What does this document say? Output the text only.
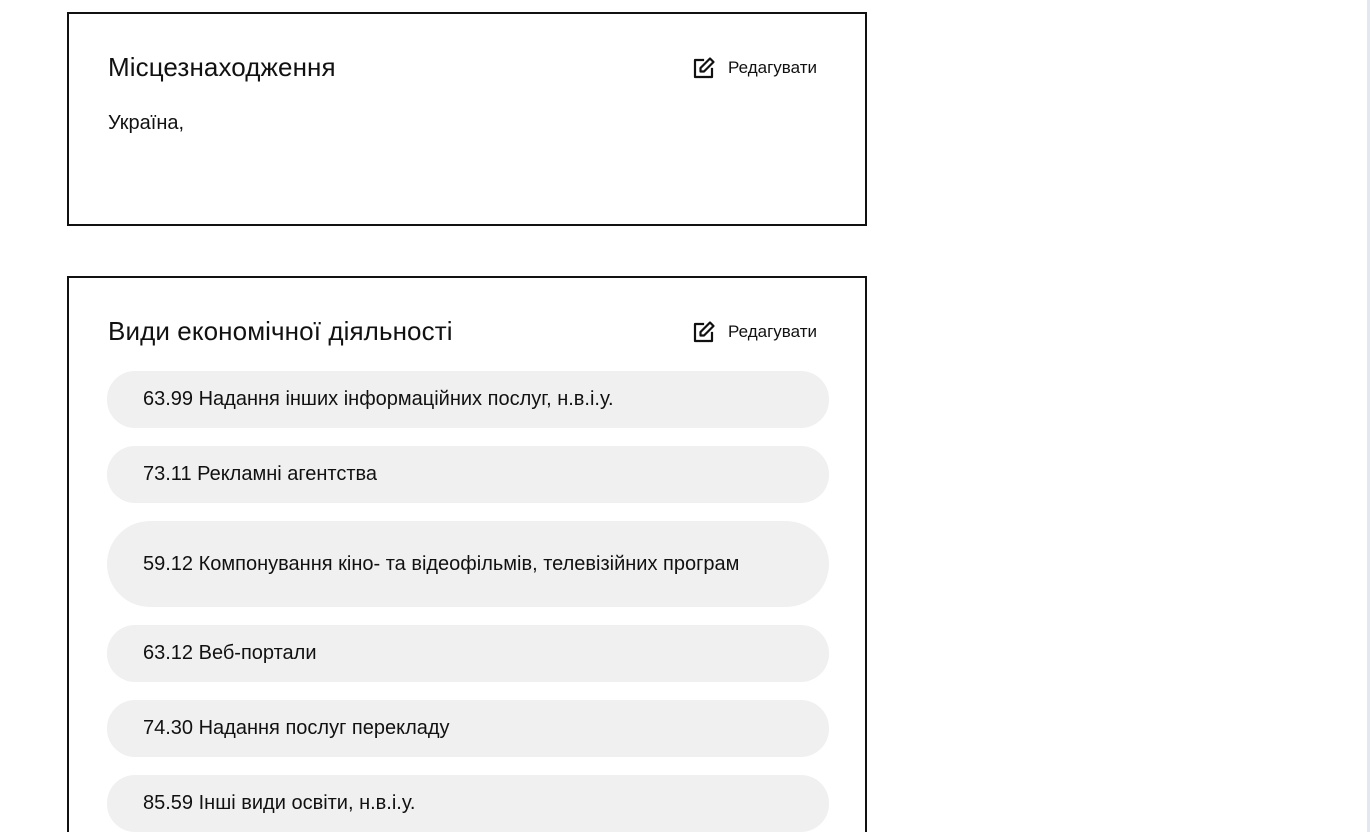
Місцезнаходження	Редагувати

Україна,

Види економічної діяльності	Редагувати
63.99 Надання інших інформаційних послуг, н.в.і.у.
73.11 Рекламні агентства
59.12 Компонування кіно- та відеофільмів, телевізійних програм
63.12 Веб-портали
74.30 Надання послуг перекладу
85.59 Інші види освіти, н.в.і.у.
